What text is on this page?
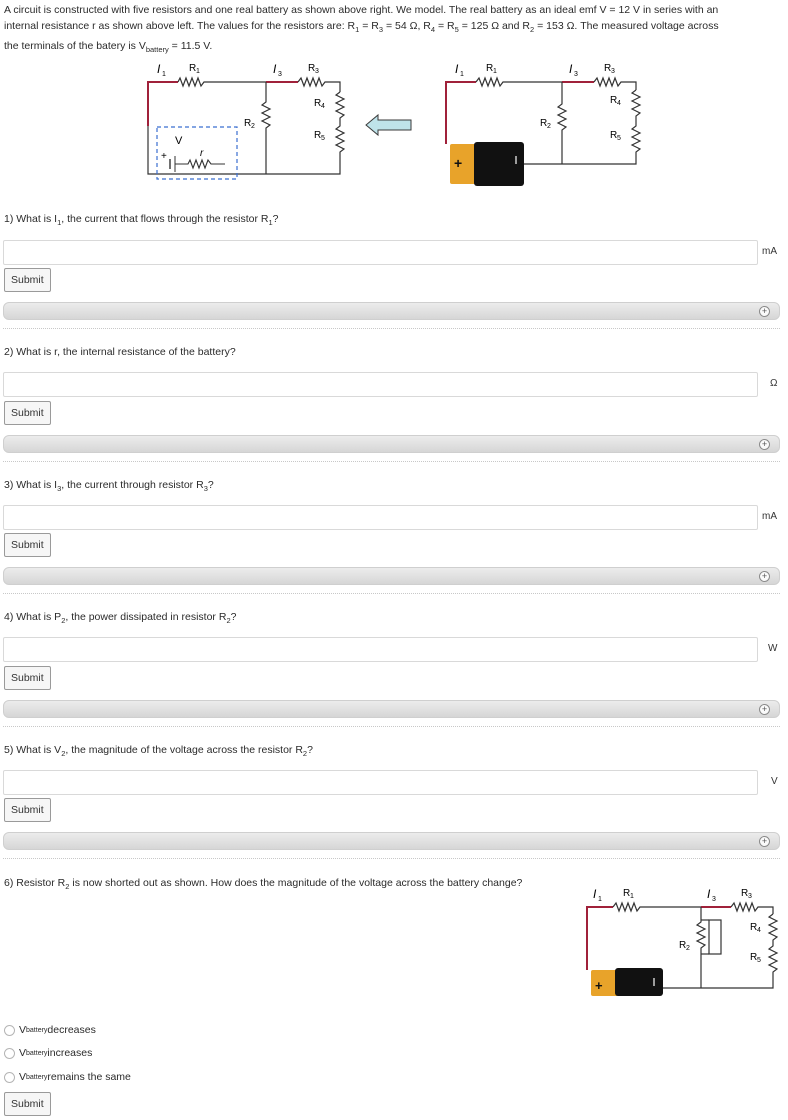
A circuit is constructed with five resistors and one real battery as shown above right. We model. The real battery as an ideal emf V = 12 V in series with an
internal resistance r as shown above left. The values for the resistors are: $R_1 = R_3 = 54$ Ω, $R_4 = R_5 = 125$ Ω and $R_2 = 153$ Ω. The measured voltage across
the terminals of the batery is $V_{battery} = 11.5$ V.
I 1
R 1	I 3
R 3
R 4
R 5
R 2
V
r
+
I 1
R 1	I 3
R 3
R 4
R 5
R 2
+
1) What is $I_1$, the current that flows through the resistor $R_1$?
mA
Submit
+
2) What is r, the internal resistance of the battery?
Ω
Submit
+
3) What is $I_3$, the current through resistor $R_3$?
mA
Submit
+
4) What is $P_2$, the power dissipated in resistor $R_2$?
W
Submit
+
5) What is $V_2$, the magnitude of the voltage across the resistor $R_2$?
V
Submit
+
6) Resistor $R_2$ is now shorted out as shown. How does the magnitude of the voltage across the battery change?
I 1
R 1	I 3
R 3
R 4
R 5
R 2
+
V battery decreases
V battery increases
V battery remains the same
Submit
